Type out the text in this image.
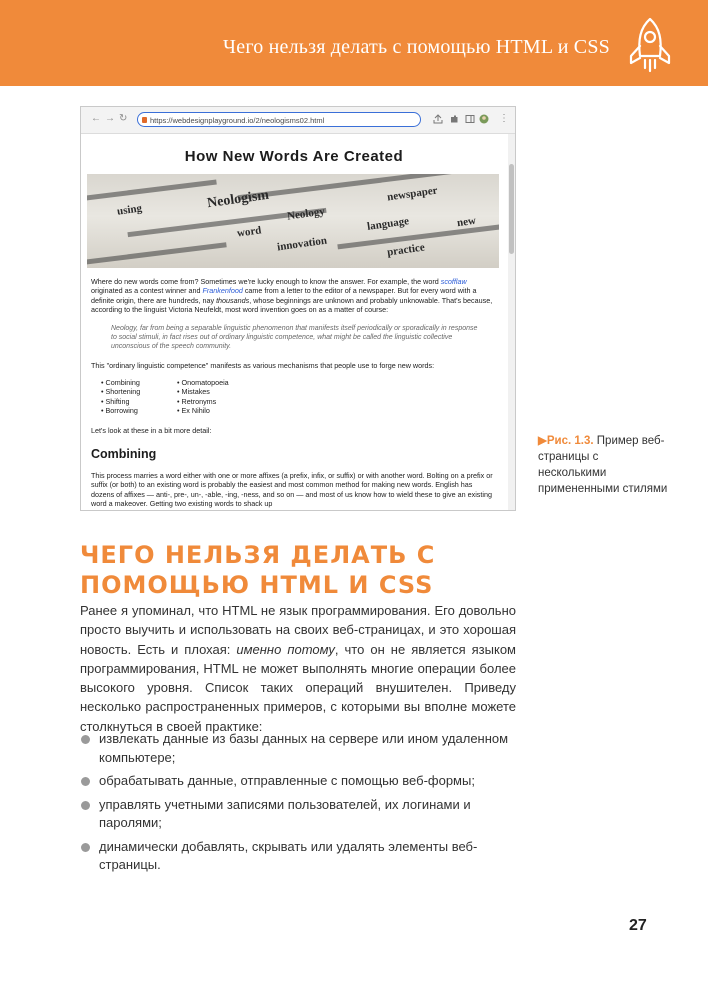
Чего нельзя делать с помощью HTML и CSS
← → ↻	https://webdesignplayground.io/2/neologisms02.html	⋮
How New Words Are Created
Neologism
Neology
newspaper
word
innovation
language
practice
using
new
Where do new words come from? Sometimes we're lucky enough to know the answer. For example, the word scofflaw originated as a contest winner and Frankenfood came from a letter to the editor of a newspaper. But for every word with a definite origin, there are hundreds, nay thousands, whose beginnings are unknown and probably unknowable. That's because, according to the linguist Victoria Neufeldt, most word invention goes on as a matter of course:
Neology, far from being a separable linguistic phenomenon that manifests itself periodically or sporadically in response to social stimuli, in fact rises out of ordinary linguistic competence, what might be called the linguistic collective unconscious of the speech community.
This "ordinary linguistic competence" manifests as various mechanisms that people use to forge new words:
• Combining
• Shortening
• Shifting
• Borrowing
• Onomatopoeia
• Mistakes
• Retronyms
• Ex Nihilo
Let's look at these in a bit more detail:
Combining
This process marries a word either with one or more affixes (a prefix, infix, or suffix) or with another word. Bolting on a prefix or suffix (or both) to an existing word is probably the easiest and most common method for making new words. English has dozens of affixes — anti-, pre-, un-, -able, -ing, -ness, and so on — and most of us know how to wield these to give an existing word a makeover. Getting two existing words to shack up
▶Рис. 1.3. Пример веб-страницы с несколькими примененными стилями
ЧЕГО НЕЛЬЗЯ ДЕЛАТЬ С ПОМОЩЬЮ HTML И CSS
Ранее я упоминал, что HTML не язык программирования. Его довольно просто выучить и использовать на своих веб-страницах, и это хорошая новость. Есть и плохая: именно потому, что он не является языком программирования, HTML не может выполнять многие операции более высокого уровня. Список таких операций внушителен. Приведу несколько распространенных примеров, с которыми вы вполне можете столкнуться в своей практике:
извлекать данные из базы данных на сервере или ином удаленном компьютере;
обрабатывать данные, отправленные с помощью веб-формы;
управлять учетными записями пользователей, их логинами и паролями;
динамически добавлять, скрывать или удалять элементы веб-страницы.
27
